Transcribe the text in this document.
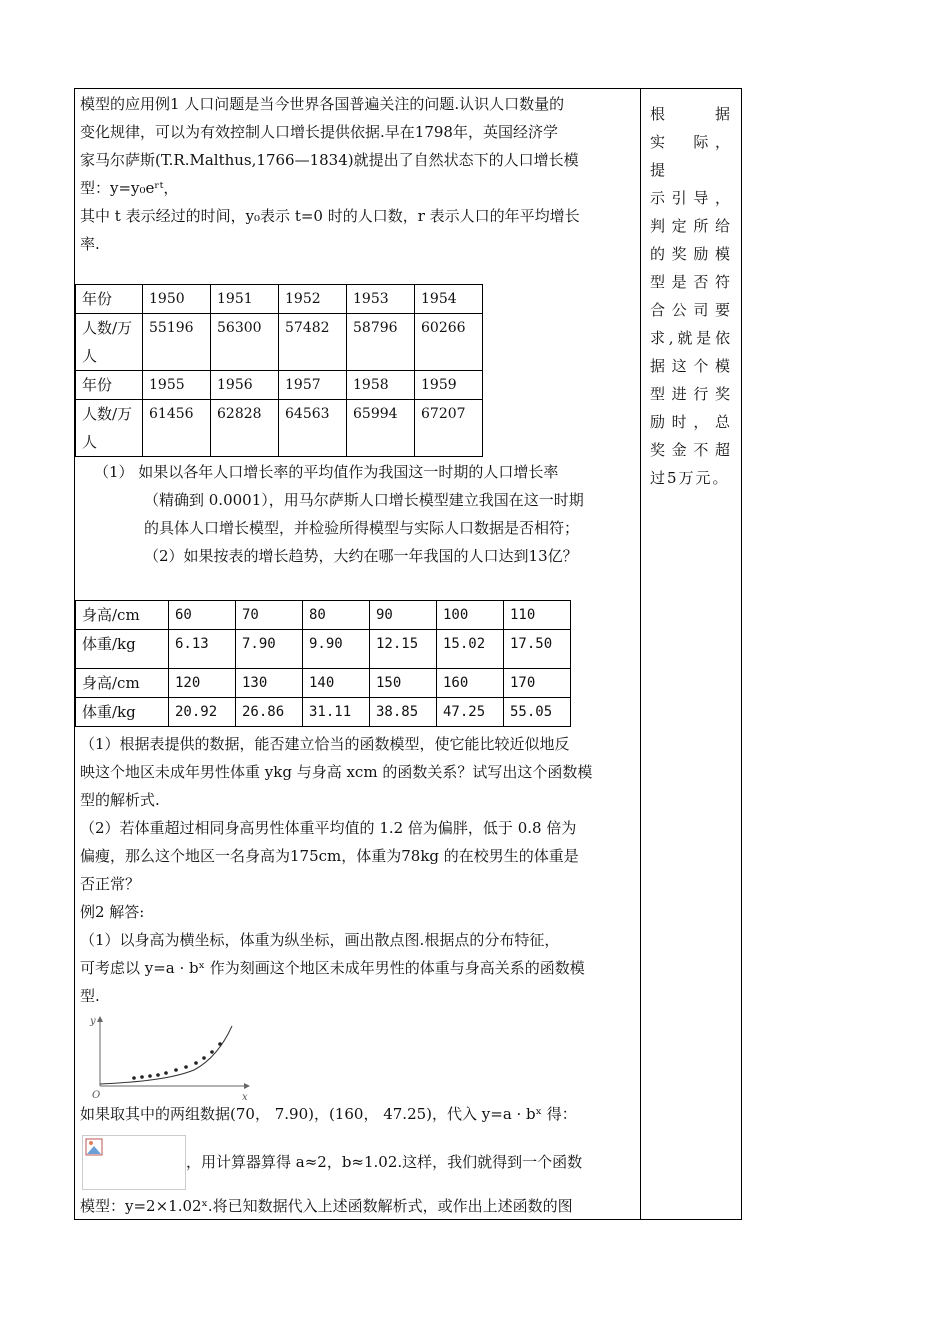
模型的应用例1 人口问题是当今世界各国普遍关注的问题.认识人口数量的

变化规律，可以为有效控制人口增长提供依据.早在1798年，英国经济学

家马尔萨斯(T.R.Malthus,1766—1834)就提出了自然状态下的人口增长模

型：y=y₀eʳᵗ，

其中 t 表示经过的时间，y₀表示 t=0 时的人口数，r 表示人口的年平均增长

率.

年份	1950	1951	1952	1953	1954
人数/万人	55196	56300	57482	58796	60266
年份	1955	1956	1957	1958	1959
人数/万人	61456	62828	64563	65994	67207

（1） 如果以各年人口增长率的平均值作为我国这一时期的人口增长率

（精确到 0.0001），用马尔萨斯人口增长模型建立我国在这一时期

的具体人口增长模型，并检验所得模型与实际人口数据是否相符；

（2）如果按表的增长趋势，大约在哪一年我国的人口达到13亿？

身高/cm	60	70	80	90	100	110
体重/kg	6.13	7.90	9.90	12.15	15.02	17.50
身高/cm	120	130	140	150	160	170
体重/kg	20.92	26.86	31.11	38.85	47.25	55.05

（1）根据表提供的数据，能否建立恰当的函数模型，使它能比较近似地反

映这个地区未成年男性体重 ykg 与身高 xcm 的函数关系？试写出这个函数模

型的解析式.

（2）若体重超过相同身高男性体重平均值的 1.2 倍为偏胖，低于 0.8 倍为

偏瘦，那么这个地区一名身高为175cm，体重为78kg 的在校男生的体重是

否正常？

例2 解答:

（1）以身高为横坐标，体重为纵坐标，画出散点图.根据点的分布特征，

可考虑以 y=a · bˣ 作为刻画这个地区未成年男性的体重与身高关系的函数模

型.

y
x
O

如果取其中的两组数据(70， 7.90)，(160， 47.25)，代入 y=a · bˣ 得：

，用计算器算得 a≈2，b≈1.02.这样，我们就得到一个函数

模型：y=2×1.02ˣ.将已知数据代入上述函数解析式，或作出上述函数的图

根　据
实　际，提
示引导，
判定所给
的奖励模
型是否符
合公司要
求,就是依
据这个模
型进行奖
励时，总
奖金不超
过5万元。
